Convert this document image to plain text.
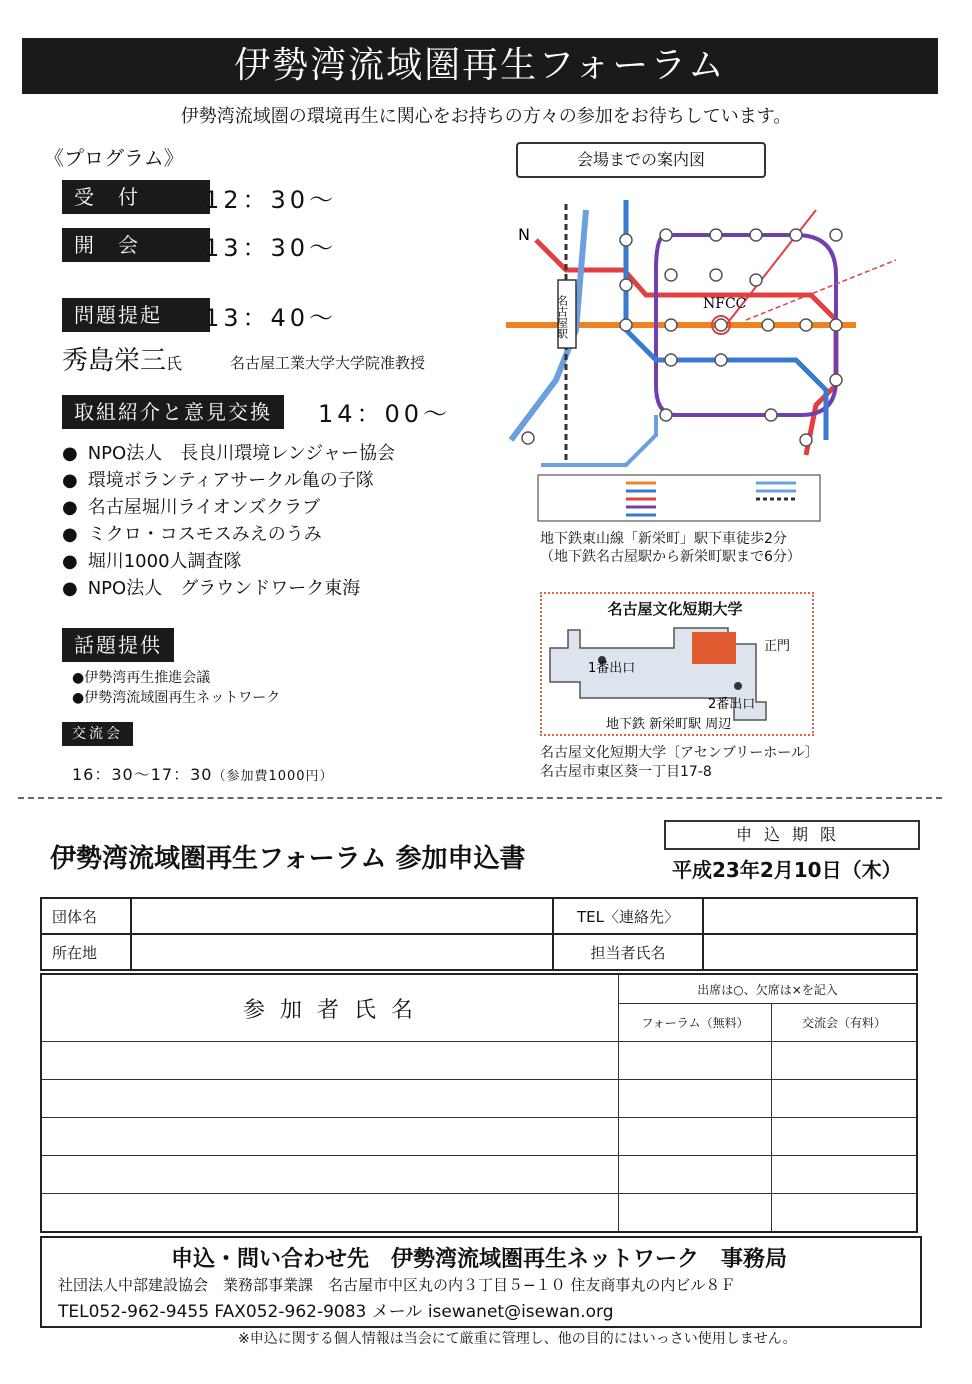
伊勢湾流域圏再生フォーラム
伊勢湾流域圏の環境再生に関心をお持ちの方々の参加をお待ちしています。
《プログラム》
受　付	12：30〜
開　会	13：30〜
問題提起	13：40〜
秀島栄三氏	名古屋工業大学大学院准教授
取組紹介と意見交換	14：00〜
● NPO法人　長良川環境レンジャー協会
● 環境ボランティアサークル亀の子隊
● 名古屋堀川ライオンズクラブ
● ミクロ・コスモスみえのうみ
● 堀川1000人調査隊
● NPO法人　グラウンドワーク東海
話題提供
● 伊勢湾再生推進会議
● 伊勢湾流域圏再生ネットワーク
交流会
16：30〜17：30（参加費1000円）
会場までの案内図
N
NFCC
名古屋駅
地下鉄東山線「新栄町」駅下車徒歩2分
（地下鉄名古屋駅から新栄町駅まで6分）
名古屋文化短期大学
1番出口
2番出口
正門
地下鉄 新栄町駅 周辺
名古屋文化短期大学〔アセンブリーホール〕
名古屋市東区葵一丁目17-8
伊勢湾流域圏再生フォーラム 参加申込書
申込期限
平成23年2月10日（木）
団体名		TEL〈連絡先〉	
所在地		担当者氏名	
参 加 者 氏 名	出席は○、欠席は×を記入	
	フォーラム（無料）	交流会（有料）

申込・問い合わせ先　伊勢湾流域圏再生ネットワーク　事務局
社団法人中部建設協会　業務部事業課　名古屋市中区丸の内３丁目５−１０ 住友商事丸の内ビル８Ｆ
TEL052-962-9455 FAX052-962-9083 メール isewanet@isewan.org
※申込に関する個人情報は当会にて厳重に管理し、他の目的にはいっさい使用しません。
